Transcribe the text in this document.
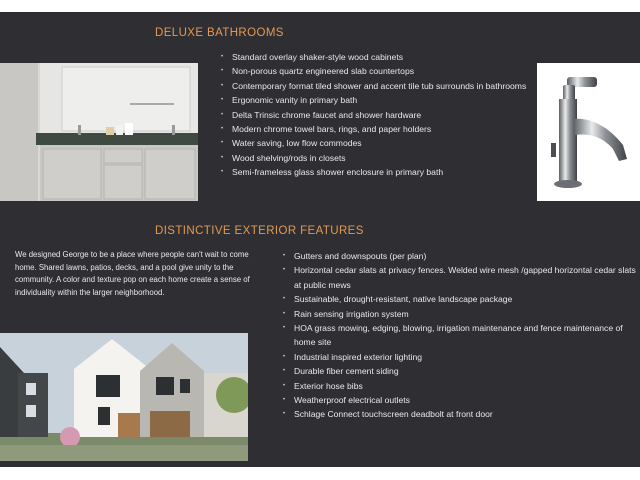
DELUXE BATHROOMS
• Standard overlay shaker-style wood cabinets
• Non-porous quartz engineered slab countertops
• Contemporary format tiled shower and accent tile tub surrounds in bathrooms
• Ergonomic vanity in primary bath
• Delta Trinsic chrome faucet and shower hardware
• Modern chrome towel bars, rings, and paper holders
• Water saving, low flow commodes
• Wood shelving/rods in closets
• Semi-frameless glass shower enclosure in primary bath
DISTINCTIVE EXTERIOR FEATURES
We designed George to be a place where people can't wait to come home. Shared lawns, patios, decks, and a pool give unity to the community. A color and texture pop on each home create a sense of individuality within the larger neighborhood.
• Gutters and downspouts (per plan)
• Horizontal cedar slats at privacy fences. Welded wire mesh /gapped horizontal cedar slats at public mews
• Sustainable, drought-resistant, native landscape package
• Rain sensing irrigation system
• HOA grass mowing, edging, blowing, irrigation maintenance and fence maintenance of home site
• Industrial inspired exterior lighting
• Durable fiber cement siding
• Exterior hose bibs
• Weatherproof electrical outlets
• Schlage Connect touchscreen deadbolt at front door
